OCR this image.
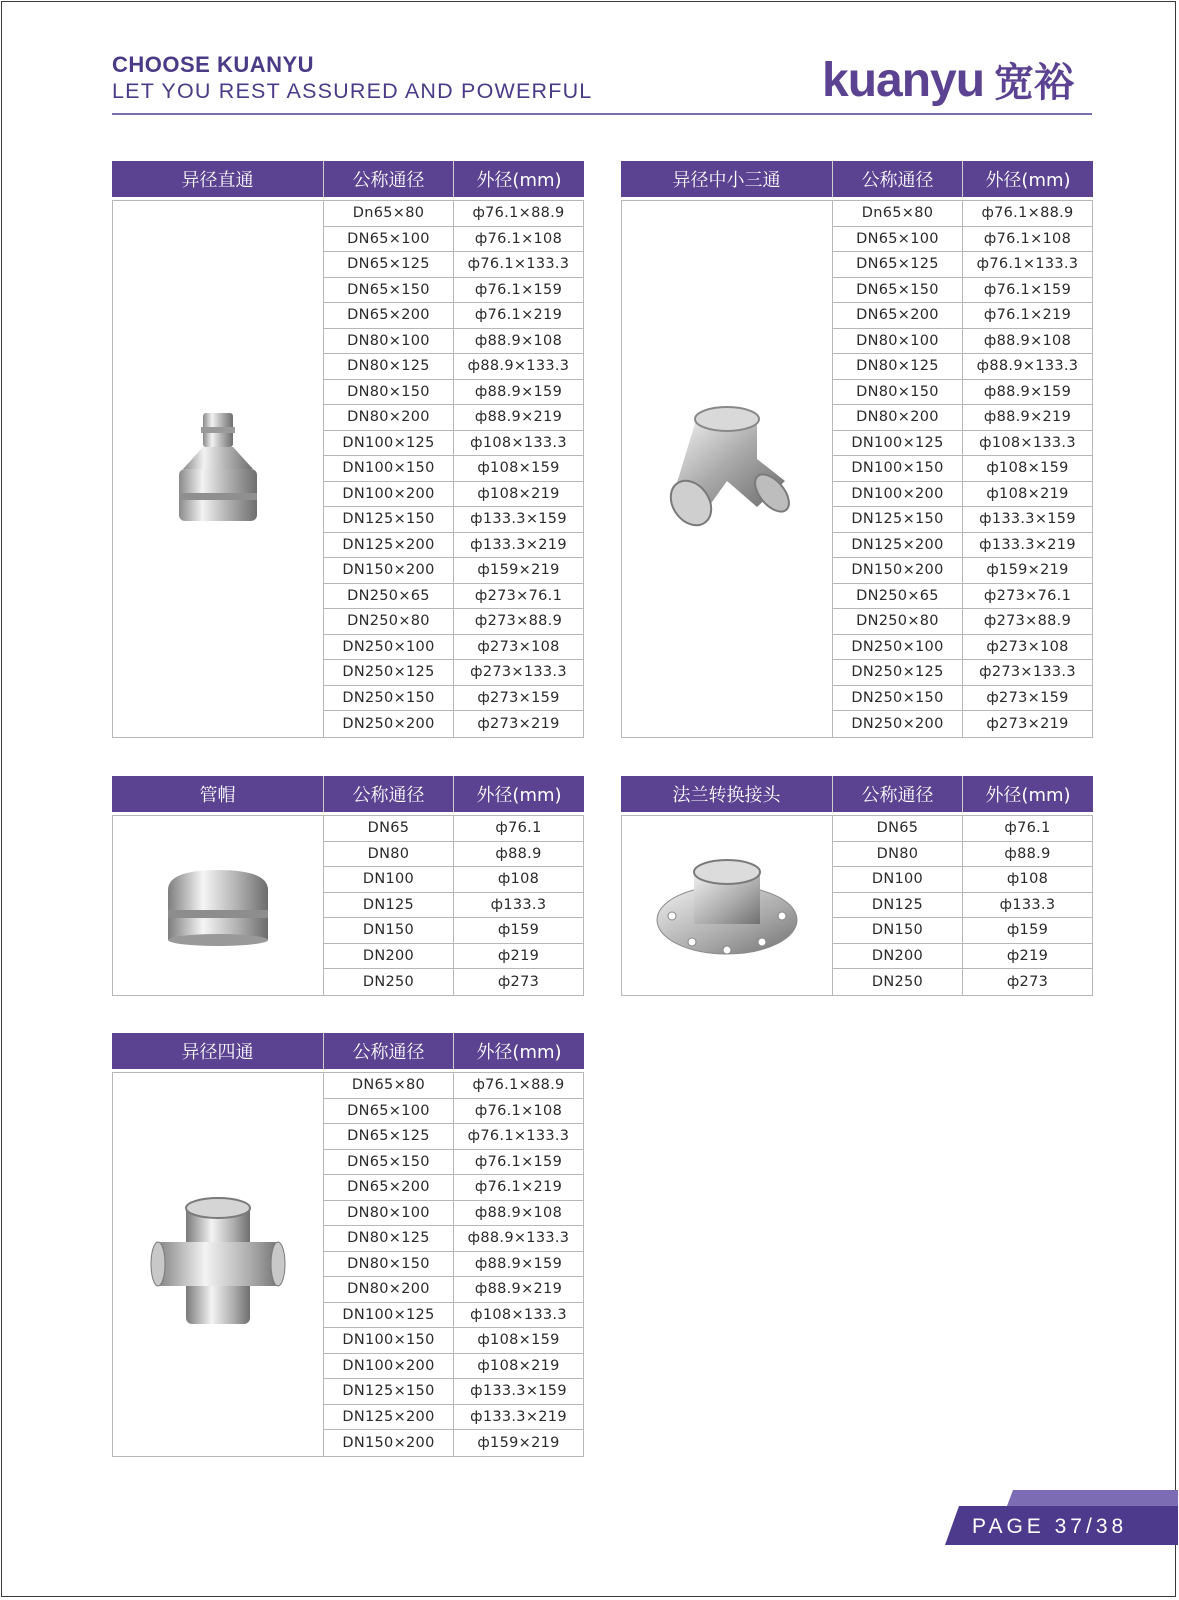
CHOOSE KUANYU
LET YOU REST ASSURED AND POWERFUL	kuanyu 宽裕
异径直通	公称通径	外径(mm)
Dn65×80	ф76.1×88.9
DN65×100	ф76.1×108
DN65×125	ф76.1×133.3
DN65×150	ф76.1×159
DN65×200	ф76.1×219
DN80×100	ф88.9×108
DN80×125	ф88.9×133.3
DN80×150	ф88.9×159
DN80×200	ф88.9×219
DN100×125	ф108×133.3
DN100×150	ф108×159
DN100×200	ф108×219
DN125×150	ф133.3×159
DN125×200	ф133.3×219
DN150×200	ф159×219
DN250×65	ф273×76.1
DN250×80	ф273×88.9
DN250×100	ф273×108
DN250×125	ф273×133.3
DN250×150	ф273×159
DN250×200	ф273×219
异径中小三通	公称通径	外径(mm)
Dn65×80	ф76.1×88.9
DN65×100	ф76.1×108
DN65×125	ф76.1×133.3
DN65×150	ф76.1×159
DN65×200	ф76.1×219
DN80×100	ф88.9×108
DN80×125	ф88.9×133.3
DN80×150	ф88.9×159
DN80×200	ф88.9×219
DN100×125	ф108×133.3
DN100×150	ф108×159
DN100×200	ф108×219
DN125×150	ф133.3×159
DN125×200	ф133.3×219
DN150×200	ф159×219
DN250×65	ф273×76.1
DN250×80	ф273×88.9
DN250×100	ф273×108
DN250×125	ф273×133.3
DN250×150	ф273×159
DN250×200	ф273×219
管帽	公称通径	外径(mm)
DN65	ф76.1
DN80	ф88.9
DN100	ф108
DN125	ф133.3
DN150	ф159
DN200	ф219
DN250	ф273
法兰转换接头	公称通径	外径(mm)
DN65	ф76.1
DN80	ф88.9
DN100	ф108
DN125	ф133.3
DN150	ф159
DN200	ф219
DN250	ф273
异径四通	公称通径	外径(mm)
DN65×80	ф76.1×88.9
DN65×100	ф76.1×108
DN65×125	ф76.1×133.3
DN65×150	ф76.1×159
DN65×200	ф76.1×219
DN80×100	ф88.9×108
DN80×125	ф88.9×133.3
DN80×150	ф88.9×159
DN80×200	ф88.9×219
DN100×125	ф108×133.3
DN100×150	ф108×159
DN100×200	ф108×219
DN125×150	ф133.3×159
DN125×200	ф133.3×219
DN150×200	ф159×219
PAGE 37/38
